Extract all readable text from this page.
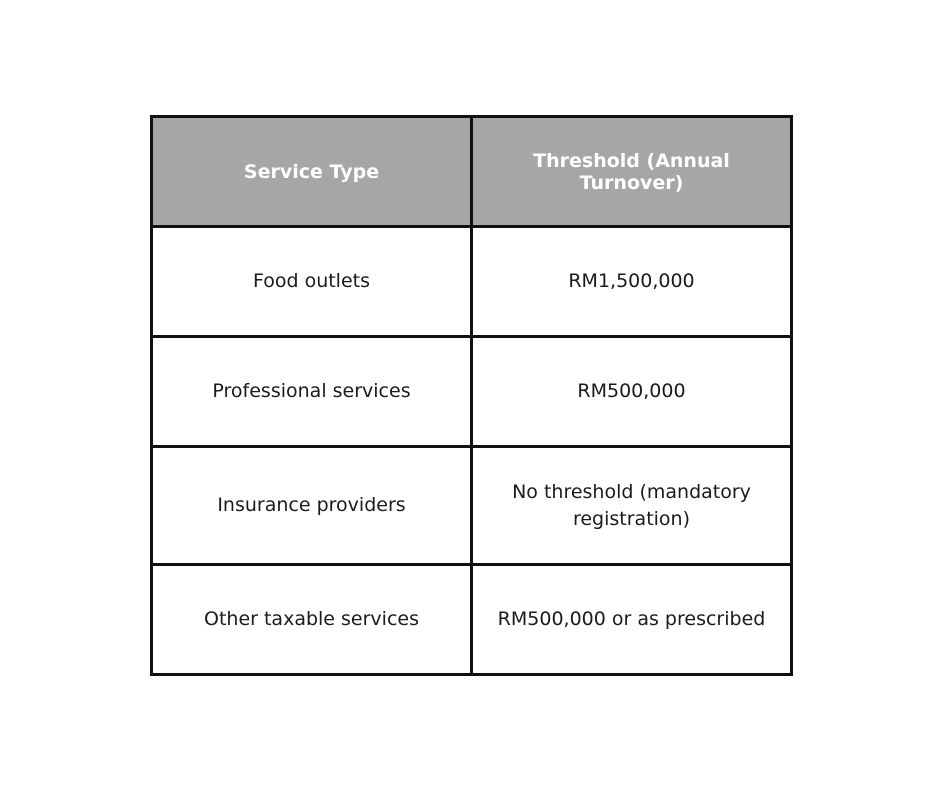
Service Type	Threshold (Annual Turnover)
Food outlets	RM1,500,000
Professional services	RM500,000
Insurance providers	No threshold (mandatory registration)
Other taxable services	RM500,000 or as prescribed
